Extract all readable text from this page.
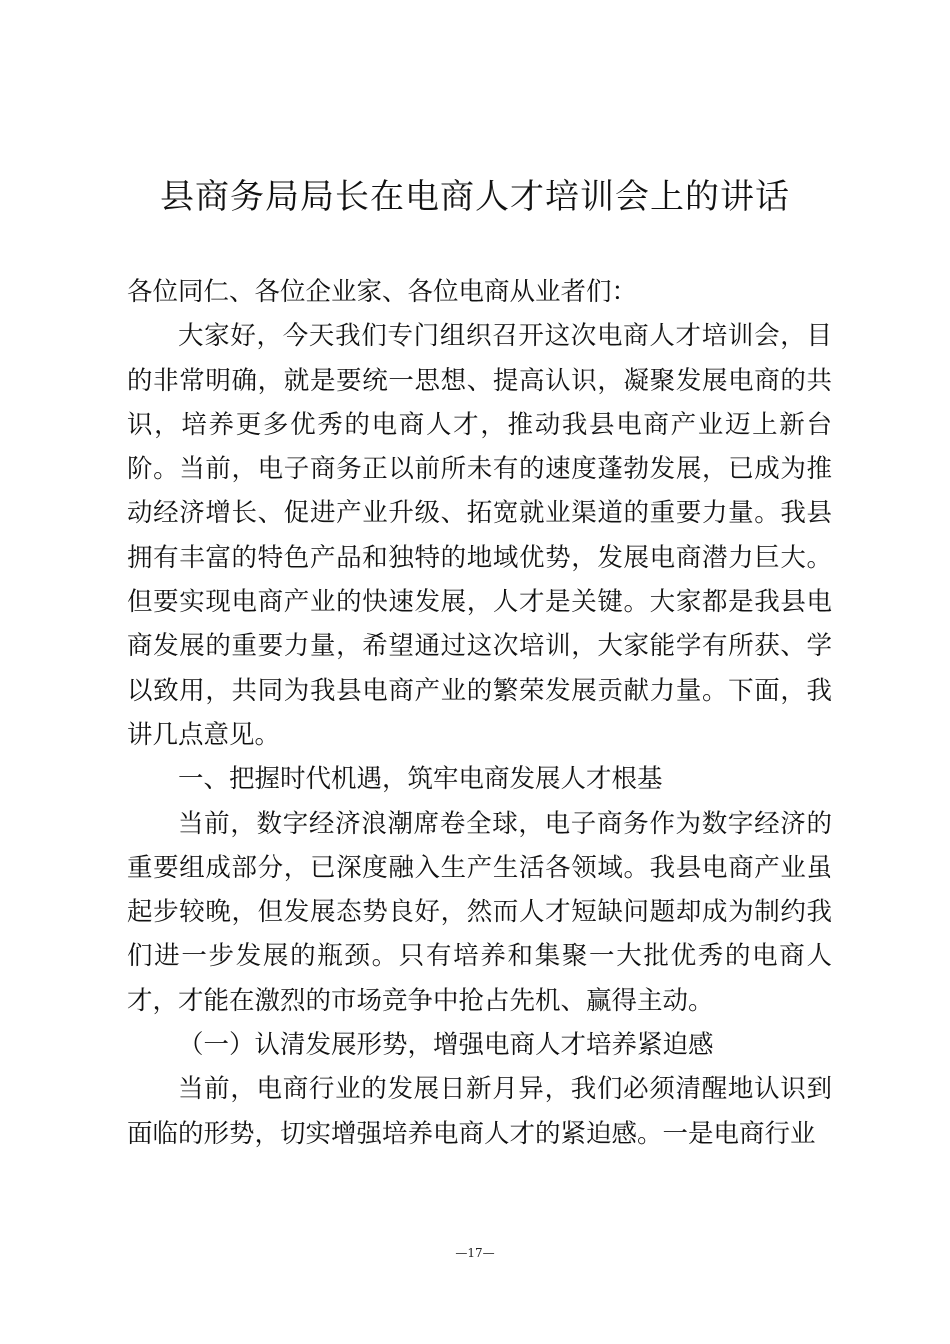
县商务局局长在电商人才培训会上的讲话

各位同仁、各位企业家、各位电商从业者们：

大家好，今天我们专门组织召开这次电商人才培训会，目的非常明确，就是要统一思想、提高认识，凝聚发展电商的共识，培养更多优秀的电商人才，推动我县电商产业迈上新台阶。当前，电子商务正以前所未有的速度蓬勃发展，已成为推动经济增长、促进产业升级、拓宽就业渠道的重要力量。我县拥有丰富的特色产品和独特的地域优势，发展电商潜力巨大。但要实现电商产业的快速发展，人才是关键。大家都是我县电商发展的重要力量，希望通过这次培训，大家能学有所获、学以致用，共同为我县电商产业的繁荣发展贡献力量。下面，我讲几点意见。

一、把握时代机遇，筑牢电商发展人才根基

当前，数字经济浪潮席卷全球，电子商务作为数字经济的重要组成部分，已深度融入生产生活各领域。我县电商产业虽起步较晚，但发展态势良好，然而人才短缺问题却成为制约我们进一步发展的瓶颈。只有培养和集聚一大批优秀的电商人才，才能在激烈的市场竞争中抢占先机、赢得主动。

（一）认清发展形势，增强电商人才培养紧迫感

当前，电商行业的发展日新月异，我们必须清醒地认识到面临的形势，切实增强培养电商人才的紧迫感。一是电商行业

—17—
